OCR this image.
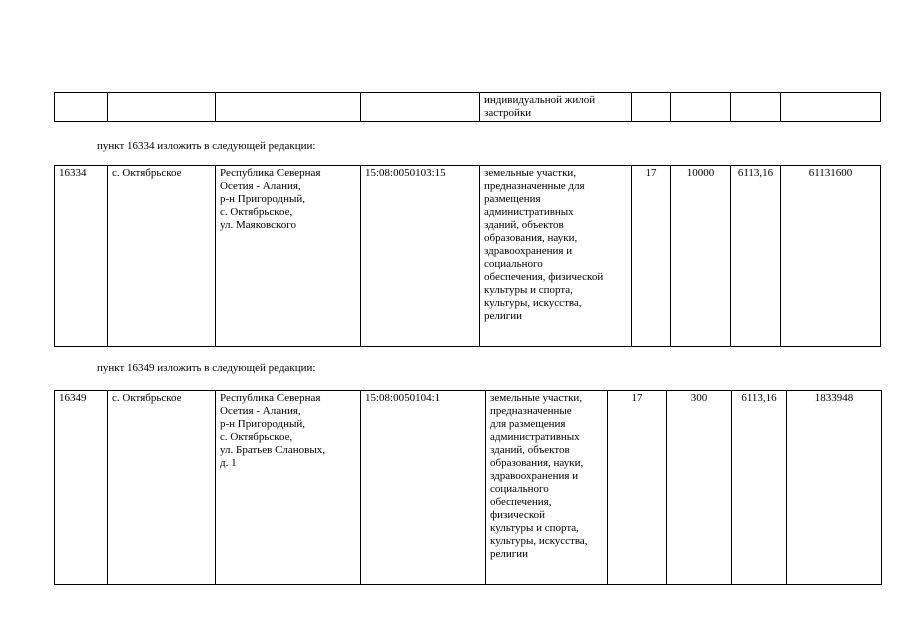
индивидуальной жилой
застройки

пункт 16334 изложить в следующей редакции:
16334	с. Октябрьское	Республика Северная
Осетия - Алания,
р-н Пригородный,
с. Октябрьское,
ул. Маяковского
	15:08:0050103:15	земельные участки,
предназначенные для
размещения
административных
зданий, объектов
образования, науки,
здравоохранения и
социального
обеспечения, физической
культуры и спорта,
культуры, искусства,
религии
	17	10000	6113,16	61131600
пункт 16349 изложить в следующей редакции:
16349	с. Октябрьское	Республика Северная
Осетия - Алания,
р-н Пригородный,
с. Октябрьское,
ул. Братьев Слановых,
д. 1
	15:08:0050104:1	земельные участки,
предназначенные
для размещения
административных
зданий, объектов
образования, науки,
здравоохранения и
социального
обеспечения,
физической
культуры и спорта,
культуры, искусства,
религии
	17	300	6113,16	1833948
